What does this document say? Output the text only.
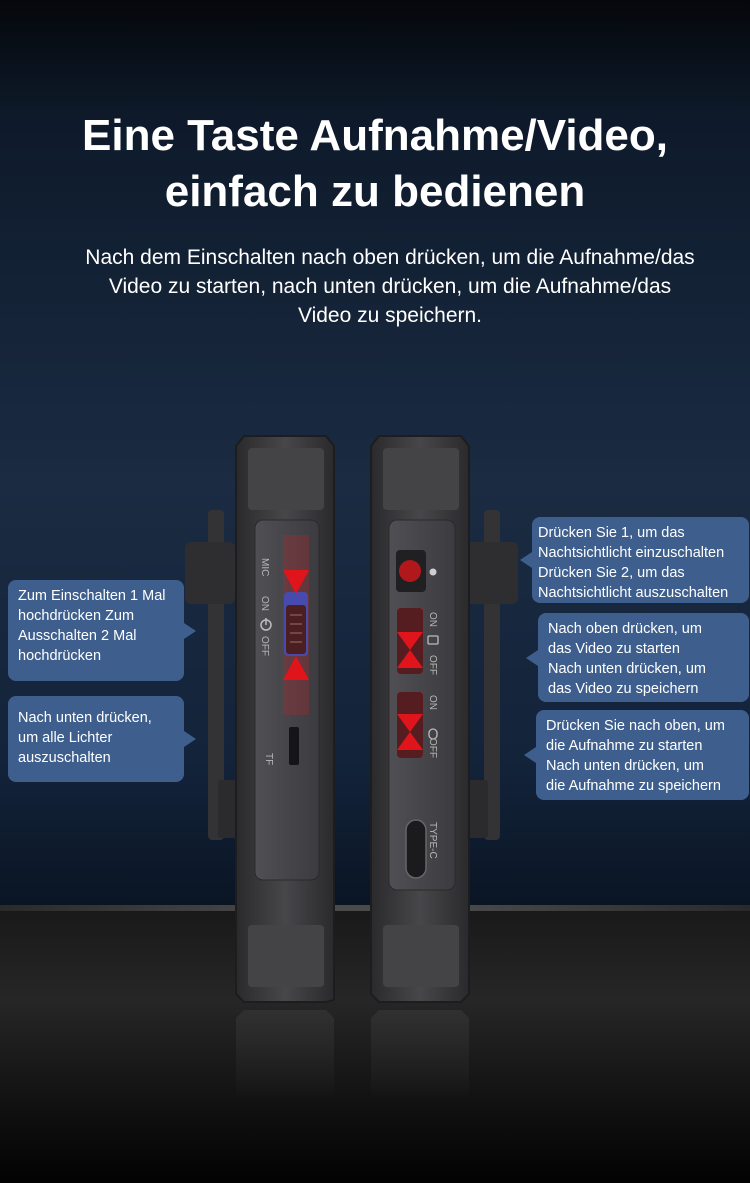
Eine Taste Aufnahme/Video,
einfach zu bedienen

Nach dem Einschalten nach oben drücken, um die Aufnahme/das
Video zu starten, nach unten drücken, um die Aufnahme/das
Video zu speichern.

MIC
ON
OFF
TF
ON
OFF
ON
OFF
TYPE-C
Zum Einschalten 1 Mal
hochdrücken Zum
Ausschalten 2 Mal
hochdrücken
Nach unten drücken,
um alle Lichter
auszuschalten
Drücken Sie 1, um das
Nachtsichtlicht einzuschalten
Drücken Sie 2, um das
Nachtsichtlicht auszuschalten
Nach oben drücken, um
das Video zu starten
Nach unten drücken, um
das Video zu speichern
Drücken Sie nach oben, um
die Aufnahme zu starten
Nach unten drücken, um
die Aufnahme zu speichern
